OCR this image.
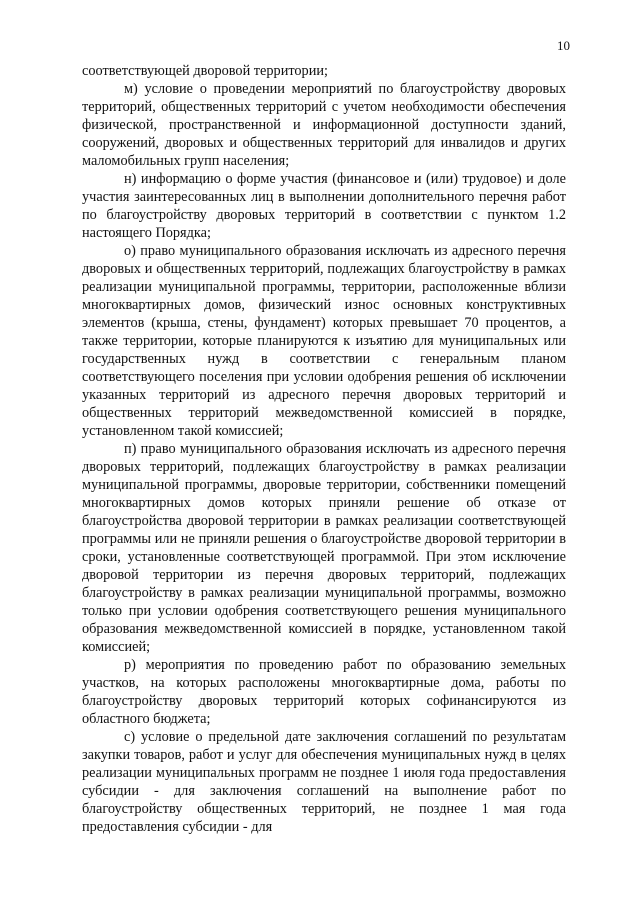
10

соответствующей дворовой территории;

м) условие о проведении мероприятий по благоустройству дворовых территорий, общественных территорий с учетом необходимости обеспечения физической, пространственной и информационной доступности зданий, сооружений, дворовых и общественных территорий для инвалидов и других маломобильных групп населения;

н) информацию о форме участия (финансовое и (или) трудовое) и доле участия заинтересованных лиц в выполнении дополнительного перечня работ по благоустройству дворовых территорий в соответствии с пунктом 1.2 настоящего Порядка;

о) право муниципального образования исключать из адресного перечня дворовых и общественных территорий, подлежащих благоустройству в рамках реализации муниципальной программы, территории, расположенные вблизи многоквартирных домов, физический износ основных конструктивных элементов (крыша, стены, фундамент) которых превышает 70 процентов, а также территории, которые планируются к изъятию для муниципальных или государственных нужд в соответствии с генеральным планом соответствующего поселения при условии одобрения решения об исключении указанных территорий из адресного перечня дворовых территорий и общественных территорий межведомственной комиссией в порядке, установленном такой комиссией;

п) право муниципального образования исключать из адресного перечня дворовых территорий, подлежащих благоустройству в рамках реализации муниципальной программы, дворовые территории, собственники помещений многоквартирных домов которых приняли решение об отказе от благоустройства дворовой территории в рамках реализации соответствующей программы или не приняли решения о благоустройстве дворовой территории в сроки, установленные соответствующей программой. При этом исключение дворовой территории из перечня дворовых территорий, подлежащих благоустройству в рамках реализации муниципальной программы, возможно только при условии одобрения соответствующего решения муниципального образования межведомственной комиссией в порядке, установленном такой комиссией;

р) мероприятия по проведению работ по образованию земельных участков, на которых расположены многоквартирные дома, работы по благоустройству дворовых территорий которых софинансируются из областного бюджета;

с) условие о предельной дате заключения соглашений по результатам закупки товаров, работ и услуг для обеспечения муниципальных нужд в целях реализации муниципальных программ не позднее 1 июля года предоставления субсидии - для заключения соглашений на выполнение работ по благоустройству общественных территорий, не позднее 1 мая года предоставления субсидии - для
